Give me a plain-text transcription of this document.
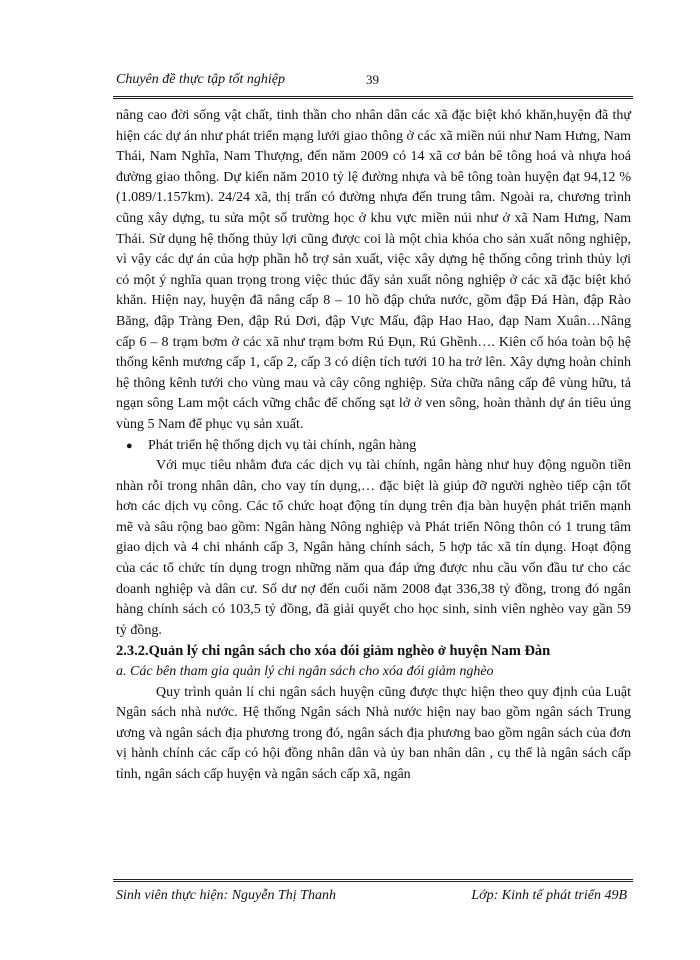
Chuyên đề thực tập tốt nghiệp	39

nâng cao đời sống vật chất, tinh thần cho nhân dân các xã đặc biệt khó khăn,huyện đã thự hiện các dự án như phát triển mạng lưới giao thông ở các xã miền núi như Nam Hưng, Nam Thái, Nam Nghĩa, Nam Thượng, đến năm 2009 có 14 xã cơ bản bê tông hoá và nhựa hoá đường giao thông. Dự kiến năm 2010 tỷ lệ đường nhựa và bê tông toàn huyện đạt 94,12 % (1.089/1.157km). 24/24 xã, thị trấn có đường nhựa đến trung tâm. Ngoài ra, chương trình cũng xây dựng, tu sửa một số trường học ở khu vực miền núi như ở xã Nam Hưng, Nam Thái. Sử dụng hệ thống thủy lợi cũng được coi là một chìa khóa cho sản xuất nông nghiệp, vì vậy các dự án của hợp phần hỗ trợ sản xuất, việc xây dựng hệ thống công trình thủy lợi có một ý nghĩa quan trọng trong việc thúc đẩy sản xuất nông nghiệp ở các xã đặc biệt khó khăn. Hiện nay, huyện đã nâng cấp 8 – 10 hồ đập chứa nước, gồm đập Đá Hàn, đập Rào Băng, đập Tràng Đen, đập Rú Dơi, đập Vực Mấu, đập Hao Hao, đạp Nam Xuân…Nâng cấp 6 – 8 trạm bơm ở các xã như trạm bơm Rú Đụn, Rú Ghềnh…. Kiên cố hóa toàn bộ hệ thống kênh mương cấp 1, cấp 2, cấp 3 có diện tích tưới 10 ha trở lên. Xây dựng hoàn chỉnh hệ thông kênh tưới cho vùng mau và cây công nghiệp. Sửa chữa nâng cấp đê vùng hữu, tả ngạn sông Lam một cách vững chắc để chống sạt lở ở ven sông, hoàn thành dự án tiêu úng vùng 5 Nam để phục vụ sản xuất.

●	Phát triển hệ thống dịch vụ tài chính, ngân hàng

Với mục tiêu nhằm đưa các dịch vụ tài chính, ngân hàng như huy động nguồn tiền nhàn rỗi trong nhân dân, cho vay tín dụng,… đặc biệt là giúp đỡ người nghèo tiếp cận tốt hơn các dịch vụ công. Các tổ chức hoạt động tín dụng trên địa bàn huyện phát triển mạnh mẽ và sâu rộng bao gồm: Ngân hàng Nông nghiệp và Phát triển Nông thôn có 1 trung tâm giao dịch và 4 chi nhánh cấp 3, Ngân hàng chính sách, 5 hợp tác xã tín dụng. Hoạt động của các tổ chức tín dụng trogn những năm qua đáp ứng được nhu cầu vốn đầu tư cho các doanh nghiệp và dân cư. Số dư nợ đến cuối năm 2008 đạt 336,38 tỷ đồng, trong đó ngân hàng chính sách có 103,5 tỷ đồng, đã giải quyết cho học sinh, sinh viên nghèo vay gần 59 tỷ đồng.

2.3.2.Quản lý chi ngân sách cho xóa đói giảm nghèo ở huyện Nam Đàn

a. Các bên tham gia quản lý chi ngân sách cho xóa đói giảm nghèo

Quy trình quản lí chi ngân sách huyện cũng được thực hiện theo quy định của Luật Ngân sách nhà nước. Hệ thống Ngân sách Nhà nước hiện nay bao gồm ngân sách Trung ương và ngân sách địa phương trong đó, ngân sách địa phương bao gồm ngân sách của đơn vị hành chính các cấp có hội đồng nhân dân và ủy ban nhân dân , cụ thể là ngân sách cấp tỉnh, ngân sách cấp huyện và ngân sách cấp xã, ngân

Sinh viên thực hiện: Nguyễn Thị Thanh	Lớp: Kinh tế phát triển 49B
